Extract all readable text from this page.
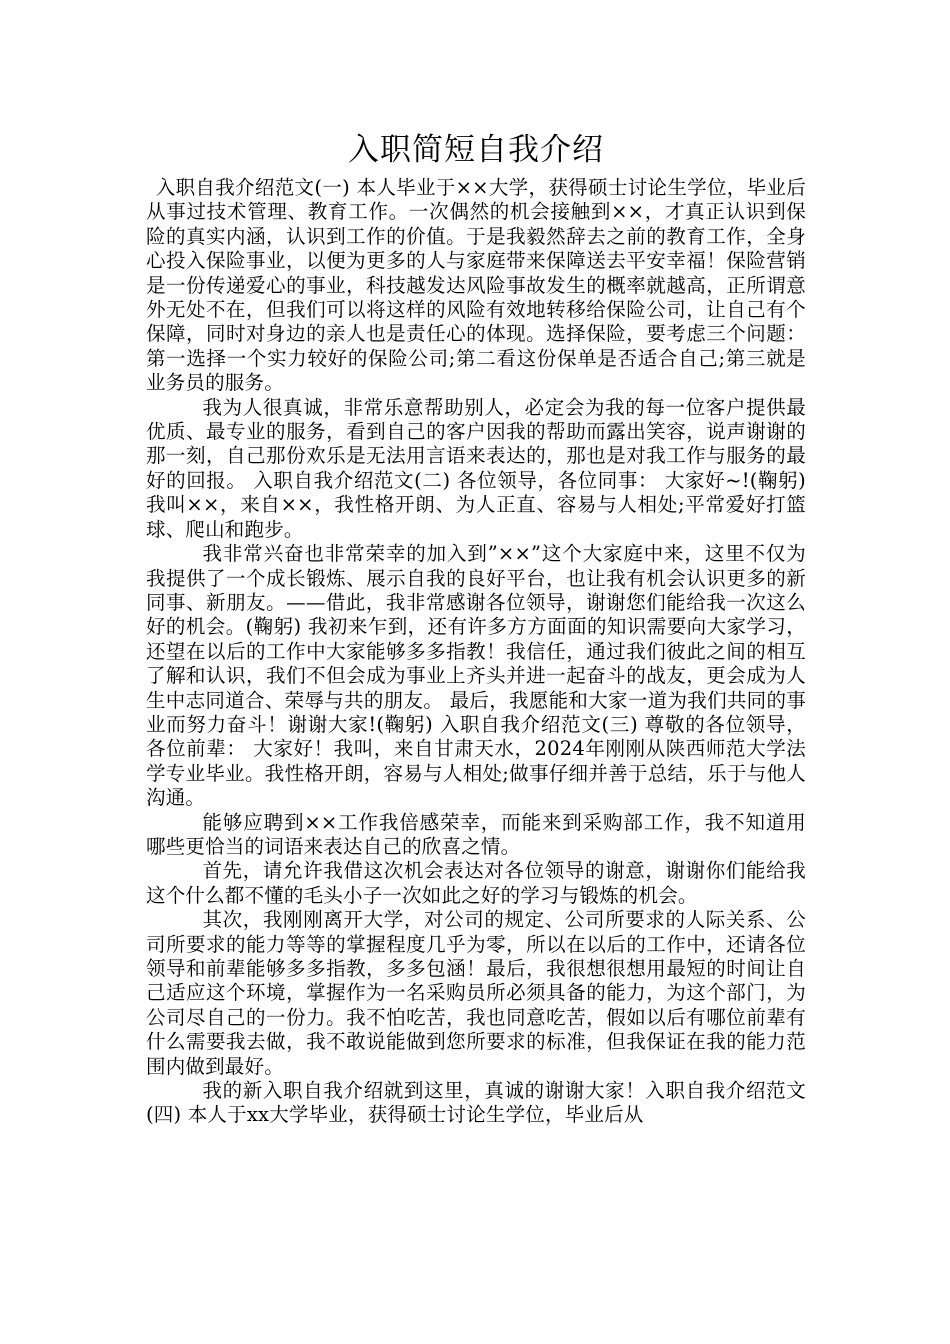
入职简短自我介绍

入职自我介绍范文(一) 本人毕业于××大学，获得硕士讨论生学位，毕业后从事过技术管理、教育工作。一次偶然的机会接触到××，才真正认识到保险的真实内涵，认识到工作的价值。于是我毅然辞去之前的教育工作，全身心投入保险事业，以便为更多的人与家庭带来保障送去平安幸福！保险营销是一份传递爱心的事业，科技越发达风险事故发生的概率就越高，正所谓意外无处不在，但我们可以将这样的风险有效地转移给保险公司，让自己有个保障，同时对身边的亲人也是责任心的体现。选择保险，要考虑三个问题：第一选择一个实力较好的保险公司;第二看这份保单是否适合自己;第三就是业务员的服务。

我为人很真诚，非常乐意帮助别人，必定会为我的每一位客户提供最优质、最专业的服务，看到自己的客户因我的帮助而露出笑容，说声谢谢的那一刻，自己那份欢乐是无法用言语来表达的，那也是对我工作与服务的最好的回报。 入职自我介绍范文(二) 各位领导，各位同事： 大家好~!(鞠躬) 我叫××，来自××，我性格开朗、为人正直、容易与人相处;平常爱好打篮球、爬山和跑步。

我非常兴奋也非常荣幸的加入到”××”这个大家庭中来，这里不仅为我提供了一个成长锻炼、展示自我的良好平台，也让我有机会认识更多的新同事、新朋友。——借此，我非常感谢各位领导，谢谢您们能给我一次这么好的机会。(鞠躬) 我初来乍到，还有许多方方面面的知识需要向大家学习，还望在以后的工作中大家能够多多指教！我信任，通过我们彼此之间的相互了解和认识，我们不但会成为事业上齐头并进一起奋斗的战友，更会成为人生中志同道合、荣辱与共的朋友。 最后，我愿能和大家一道为我们共同的事业而努力奋斗！谢谢大家!(鞠躬) 入职自我介绍范文(三) 尊敬的各位领导，各位前辈： 大家好！我叫，来自甘肃天水，2024年刚刚从陕西师范大学法学专业毕业。我性格开朗，容易与人相处;做事仔细并善于总结，乐于与他人沟通。

能够应聘到××工作我倍感荣幸，而能来到采购部工作，我不知道用哪些更恰当的词语来表达自己的欣喜之情。

首先，请允许我借这次机会表达对各位领导的谢意，谢谢你们能给我这个什么都不懂的毛头小子一次如此之好的学习与锻炼的机会。

其次，我刚刚离开大学，对公司的规定、公司所要求的人际关系、公司所要求的能力等等的掌握程度几乎为零，所以在以后的工作中，还请各位领导和前辈能够多多指教，多多包涵！最后，我很想很想用最短的时间让自己适应这个环境，掌握作为一名采购员所必须具备的能力，为这个部门，为公司尽自己的一份力。我不怕吃苦，我也同意吃苦，假如以后有哪位前辈有什么需要我去做，我不敢说能做到您所要求的标准，但我保证在我的能力范围内做到最好。

我的新入职自我介绍就到这里，真诚的谢谢大家！入职自我介绍范文(四) 本人于xx大学毕业，获得硕士讨论生学位，毕业后从
